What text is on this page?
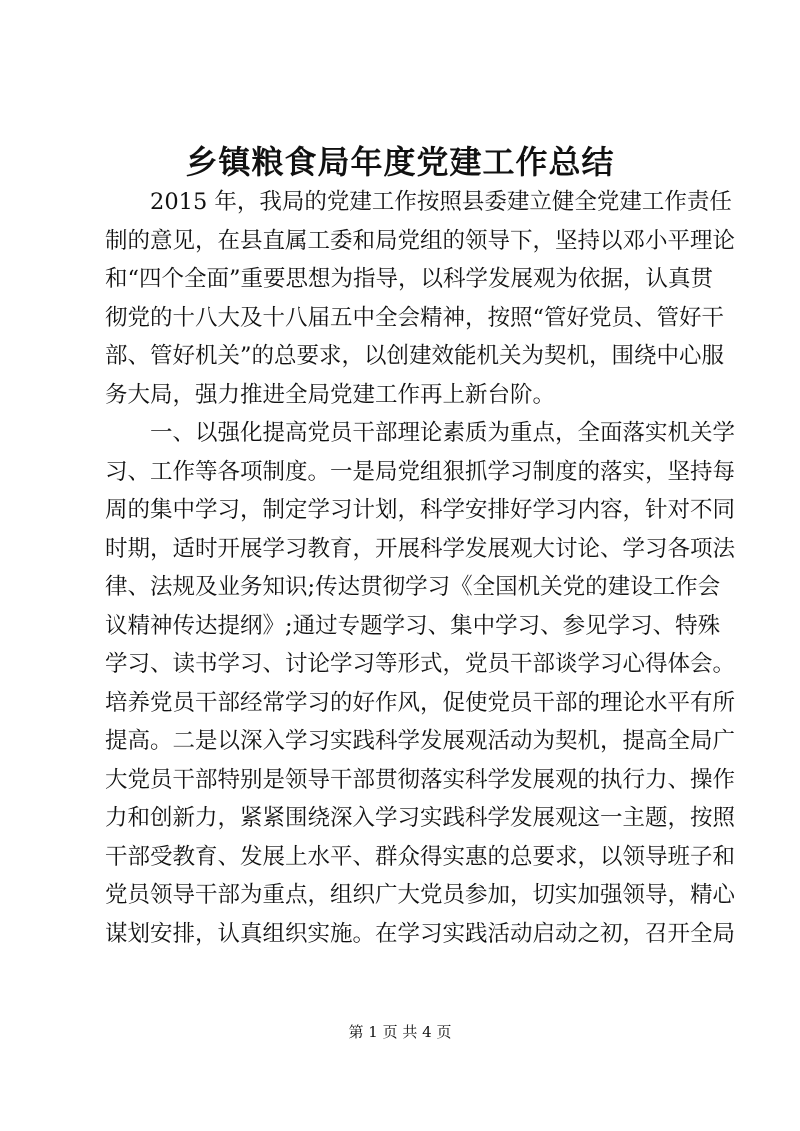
乡镇粮食局年度党建工作总结
2015 年，我局的党建工作按照县委建立健全党建工作责任
制的意见，在县直属工委和局党组的领导下，坚持以邓小平理论
和“四个全面”重要思想为指导，以科学发展观为依据，认真贯
彻党的十八大及十八届五中全会精神，按照“管好党员、管好干
部、管好机关”的总要求，以创建效能机关为契机，围绕中心服
务大局，强力推进全局党建工作再上新台阶。
一、以强化提高党员干部理论素质为重点，全面落实机关学
习、工作等各项制度。一是局党组狠抓学习制度的落实，坚持每
周的集中学习，制定学习计划，科学安排好学习内容，针对不同
时期，适时开展学习教育，开展科学发展观大讨论、学习各项法
律、法规及业务知识;传达贯彻学习《全国机关党的建设工作会
议精神传达提纲》;通过专题学习、集中学习、参见学习、特殊
学习、读书学习、讨论学习等形式，党员干部谈学习心得体会。
培养党员干部经常学习的好作风，促使党员干部的理论水平有所
提高。二是以深入学习实践科学发展观活动为契机，提高全局广
大党员干部特别是领导干部贯彻落实科学发展观的执行力、操作
力和创新力，紧紧围绕深入学习实践科学发展观这一主题，按照
干部受教育、发展上水平、群众得实惠的总要求，以领导班子和
党员领导干部为重点，组织广大党员参加，切实加强领导，精心
谋划安排，认真组织实施。在学习实践活动启动之初，召开全局
第 1 页 共 4 页
